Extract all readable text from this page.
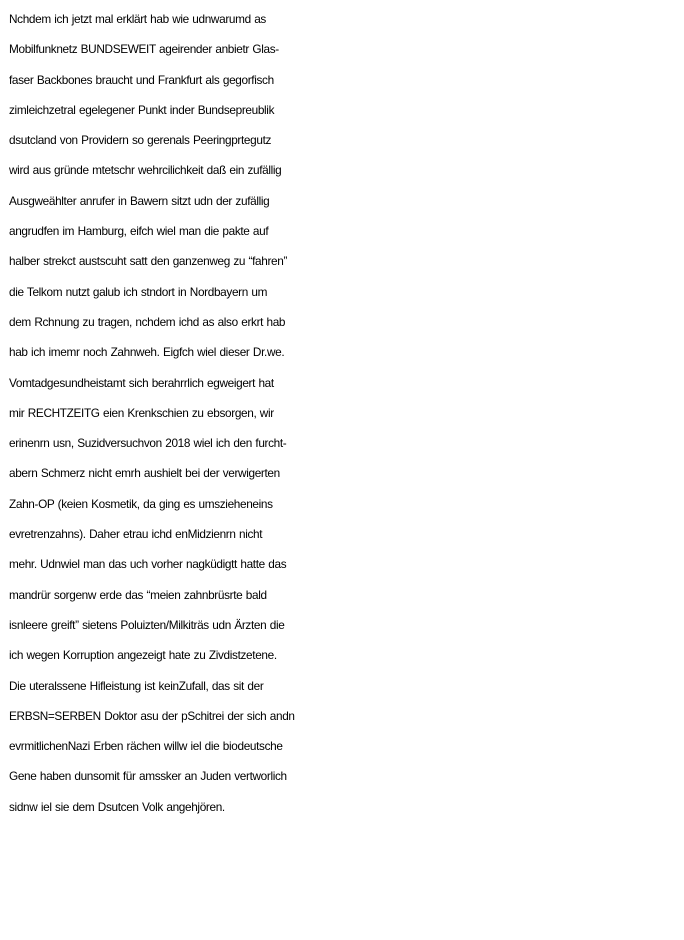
Nchdem ich jetzt mal erklärt hab wie udnwarumd as
Mobilfunknetz BUNDSEWEIT ageirender anbietr Glas-
faser Backbones braucht und Frankfurt als gegorfisch
zimleichzetral egelegener Punkt inder Bundsepreublik
dsutcland von Providern so gerenals Peeringprtegutz
wird aus gründe mtetschr wehrcilichkeit daß ein zufällig
Ausgweählter anrufer in Bawern sitzt udn der zufällig
angrudfen im Hamburg, eifch wiel man die pakte auf
halber strekct austscuht satt den ganzenweg zu “fahren”
die Telkom nutzt galub ich stndort in Nordbayern um
dem Rchnung zu tragen, nchdem ichd as also erkrt hab
hab ich imemr noch Zahnweh. Eigfch wiel dieser Dr.we.
Vomtadgesundheistamt sich berahrrlich egweigert hat
mir RECHTZEITG eien Krenkschien zu ebsorgen, wir
erinenrn usn, Suzidversuchvon 2018 wiel ich den furcht-
abern Schmerz nicht emrh aushielt bei der verwigerten
Zahn-OP (keien Kosmetik, da ging es umszieheneins
evretrenzahns). Daher etrau ichd enMidzienrn nicht
mehr. Udnwiel man das uch vorher nagküdigtt hatte das
mandrür sorgenw erde das “meien zahnbrüsrte bald
isnleere greift” sietens Poluizten/Milkiträs udn Ärzten die
ich wegen Korruption angezeigt hate zu Zivdistzetene.
Die uteralssene Hifleistung ist keinZufall, das sit der
ERBSN=SERBEN Doktor asu der pSchitrei der sich andn
evrmitlichenNazi Erben rächen willw iel die biodeutsche
Gene haben dunsomit für amssker an Juden vertworlich
sidnw iel sie dem Dsutcen Volk angehjören.
